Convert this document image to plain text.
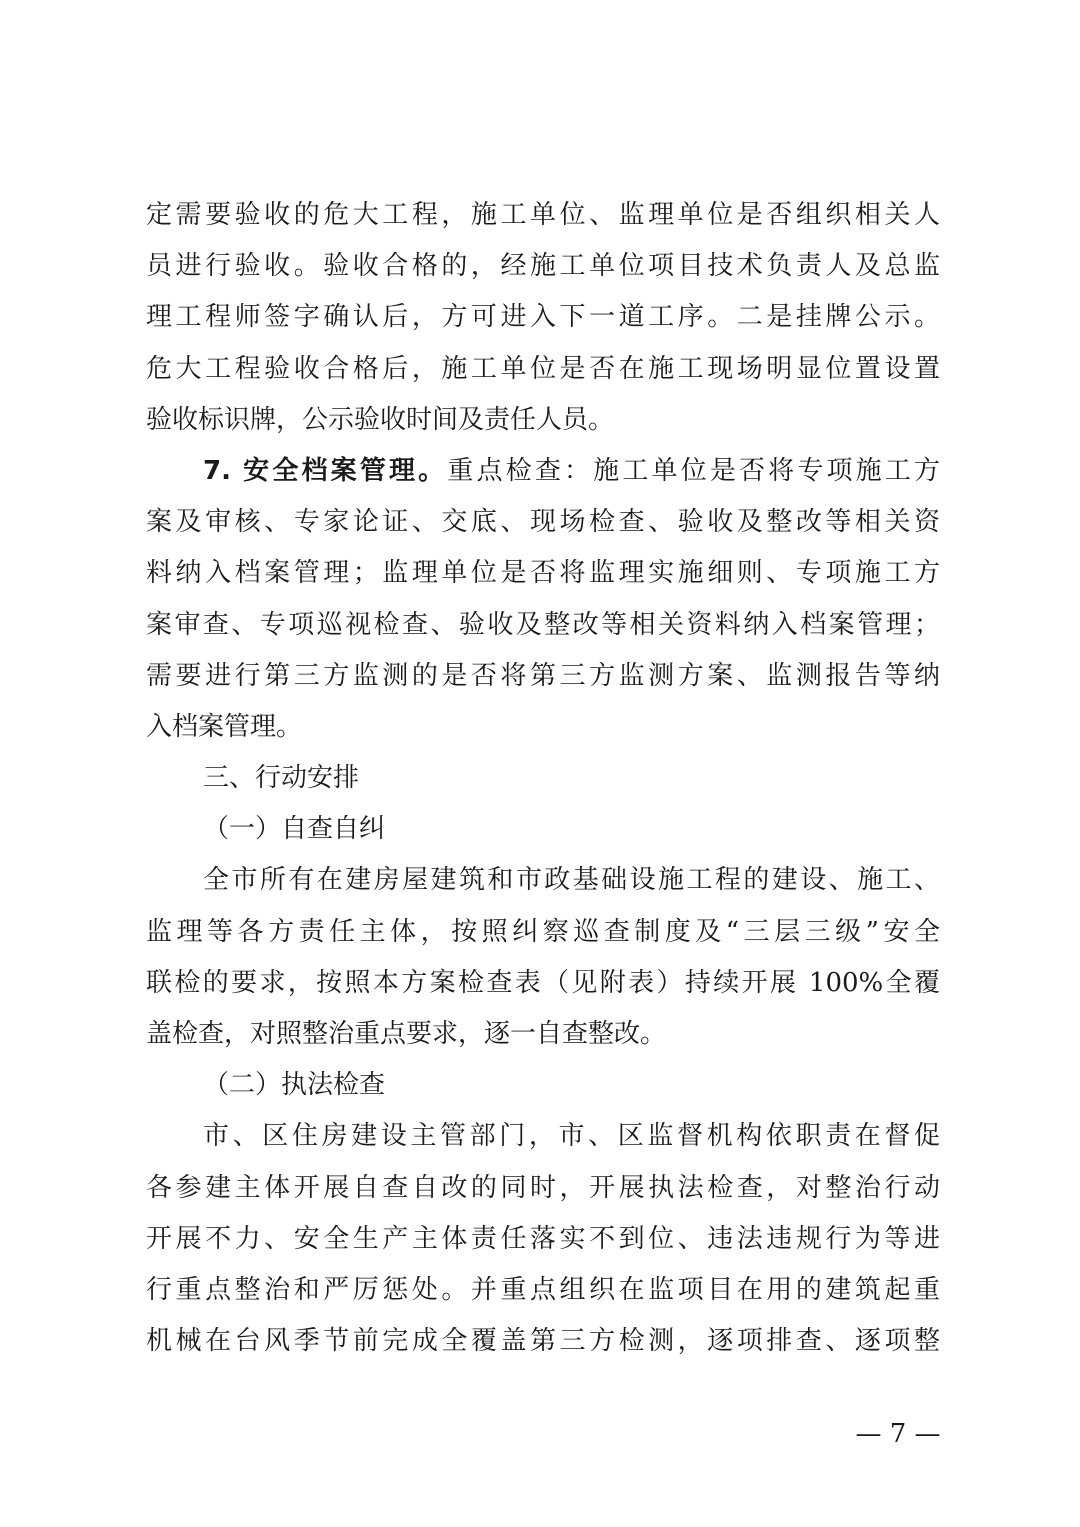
定需要验收的危大工程，施工单位、监理单位是否组织相关人
员进行验收。验收合格的，经施工单位项目技术负责人及总监
理工程师签字确认后，方可进入下一道工序。二是挂牌公示。
危大工程验收合格后，施工单位是否在施工现场明显位置设置
验收标识牌，公示验收时间及责任人员。
7. 安全档案管理。重点检查：施工单位是否将专项施工方
案及审核、专家论证、交底、现场检查、验收及整改等相关资
料纳入档案管理；监理单位是否将监理实施细则、专项施工方
案审查、专项巡视检查、验收及整改等相关资料纳入档案管理；
需要进行第三方监测的是否将第三方监测方案、监测报告等纳
入档案管理。
三、行动安排
（一）自查自纠
全市所有在建房屋建筑和市政基础设施工程的建设、施工、
监理等各方责任主体，按照纠察巡查制度及“三层三级”安全
联检的要求，按照本方案检查表（见附表）持续开展 100%全覆
盖检查，对照整治重点要求，逐一自查整改。
（二）执法检查
市、区住房建设主管部门，市、区监督机构依职责在督促
各参建主体开展自查自改的同时，开展执法检查，对整治行动
开展不力、安全生产主体责任落实不到位、违法违规行为等进
行重点整治和严厉惩处。并重点组织在监项目在用的建筑起重
机械在台风季节前完成全覆盖第三方检测，逐项排查、逐项整
— 7 —
